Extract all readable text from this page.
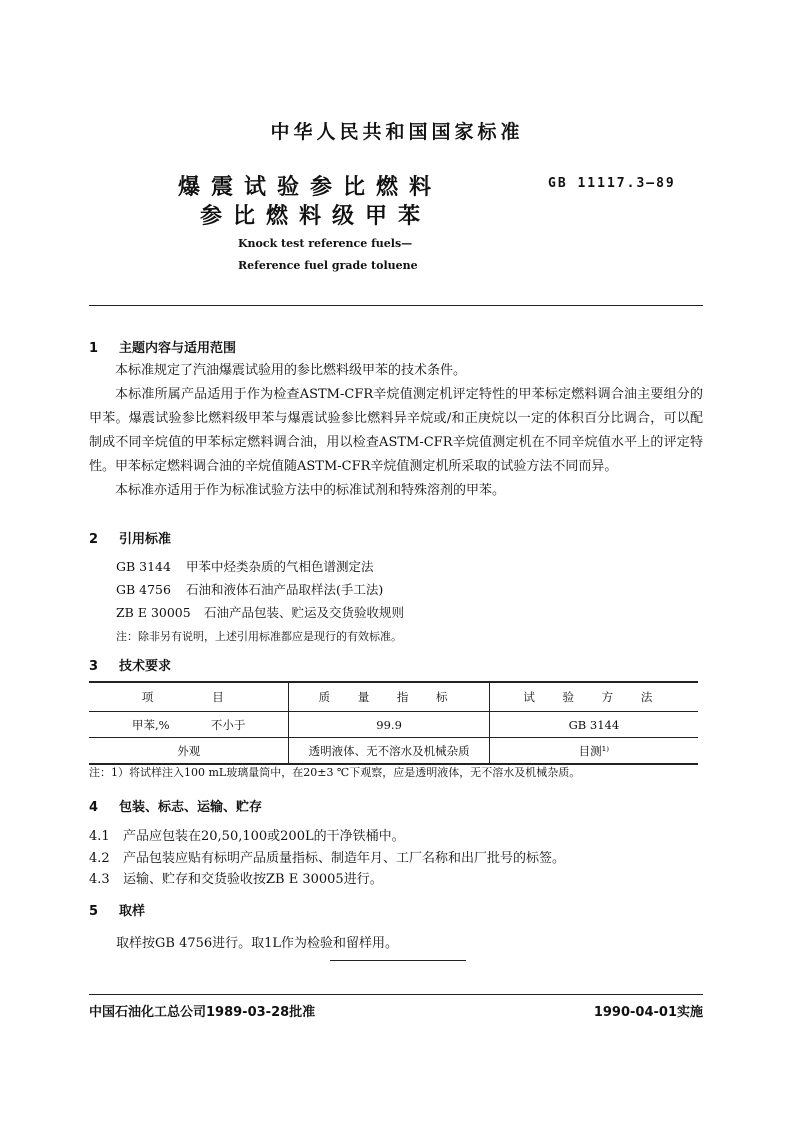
中华人民共和国国家标准
爆震试验参比燃料
参比燃料级甲苯
GB 11117.3—89
Knock test reference fuels—
Reference fuel grade toluene
1 主题内容与适用范围

本标准规定了汽油爆震试验用的参比燃料级甲苯的技术条件。

本标准所属产品适用于作为检查ASTM-CFR辛烷值测定机评定特性的甲苯标定燃料调合油主要组分的甲苯。爆震试验参比燃料级甲苯与爆震试验参比燃料异辛烷或/和正庚烷以一定的体积百分比调合，可以配制成不同辛烷值的甲苯标定燃料调合油，用以检查ASTM-CFR辛烷值测定机在不同辛烷值水平上的评定特性。甲苯标定燃料调合油的辛烷值随ASTM-CFR辛烷值测定机所采取的试验方法不同而异。

本标准亦适用于作为标准试验方法中的标准试剂和特殊溶剂的甲苯。

2 引用标准
GB 3144 甲苯中烃类杂质的气相色谱测定法
GB 4756 石油和液体石油产品取样法(手工法)
ZB E 30005 石油产品包装、贮运及交货验收规则
注：除非另有说明，上述引用标准都应是现行的有效标准。
3 技术要求
项　　目	质 量 指 标	试 验 方 法
甲苯,% 不小于	99.9	GB 3144
外观	透明液体、无不溶水及机械杂质	目测¹⁾
注：1）将试样注入100 mL玻璃量筒中，在20±3 ℃下观察，应是透明液体，无不溶水及机械杂质。
4 包装、标志、运输、贮存
4.1 产品应包装在20,50,100或200L的干净铁桶中。
4.2 产品包装应贴有标明产品质量指标、制造年月、工厂名称和出厂批号的标签。
4.3 运输、贮存和交货验收按ZB E 30005进行。
5 取样
取样按GB 4756进行。取1L作为检验和留样用。
中国石油化工总公司1989-03-28批准	1990-04-01实施
